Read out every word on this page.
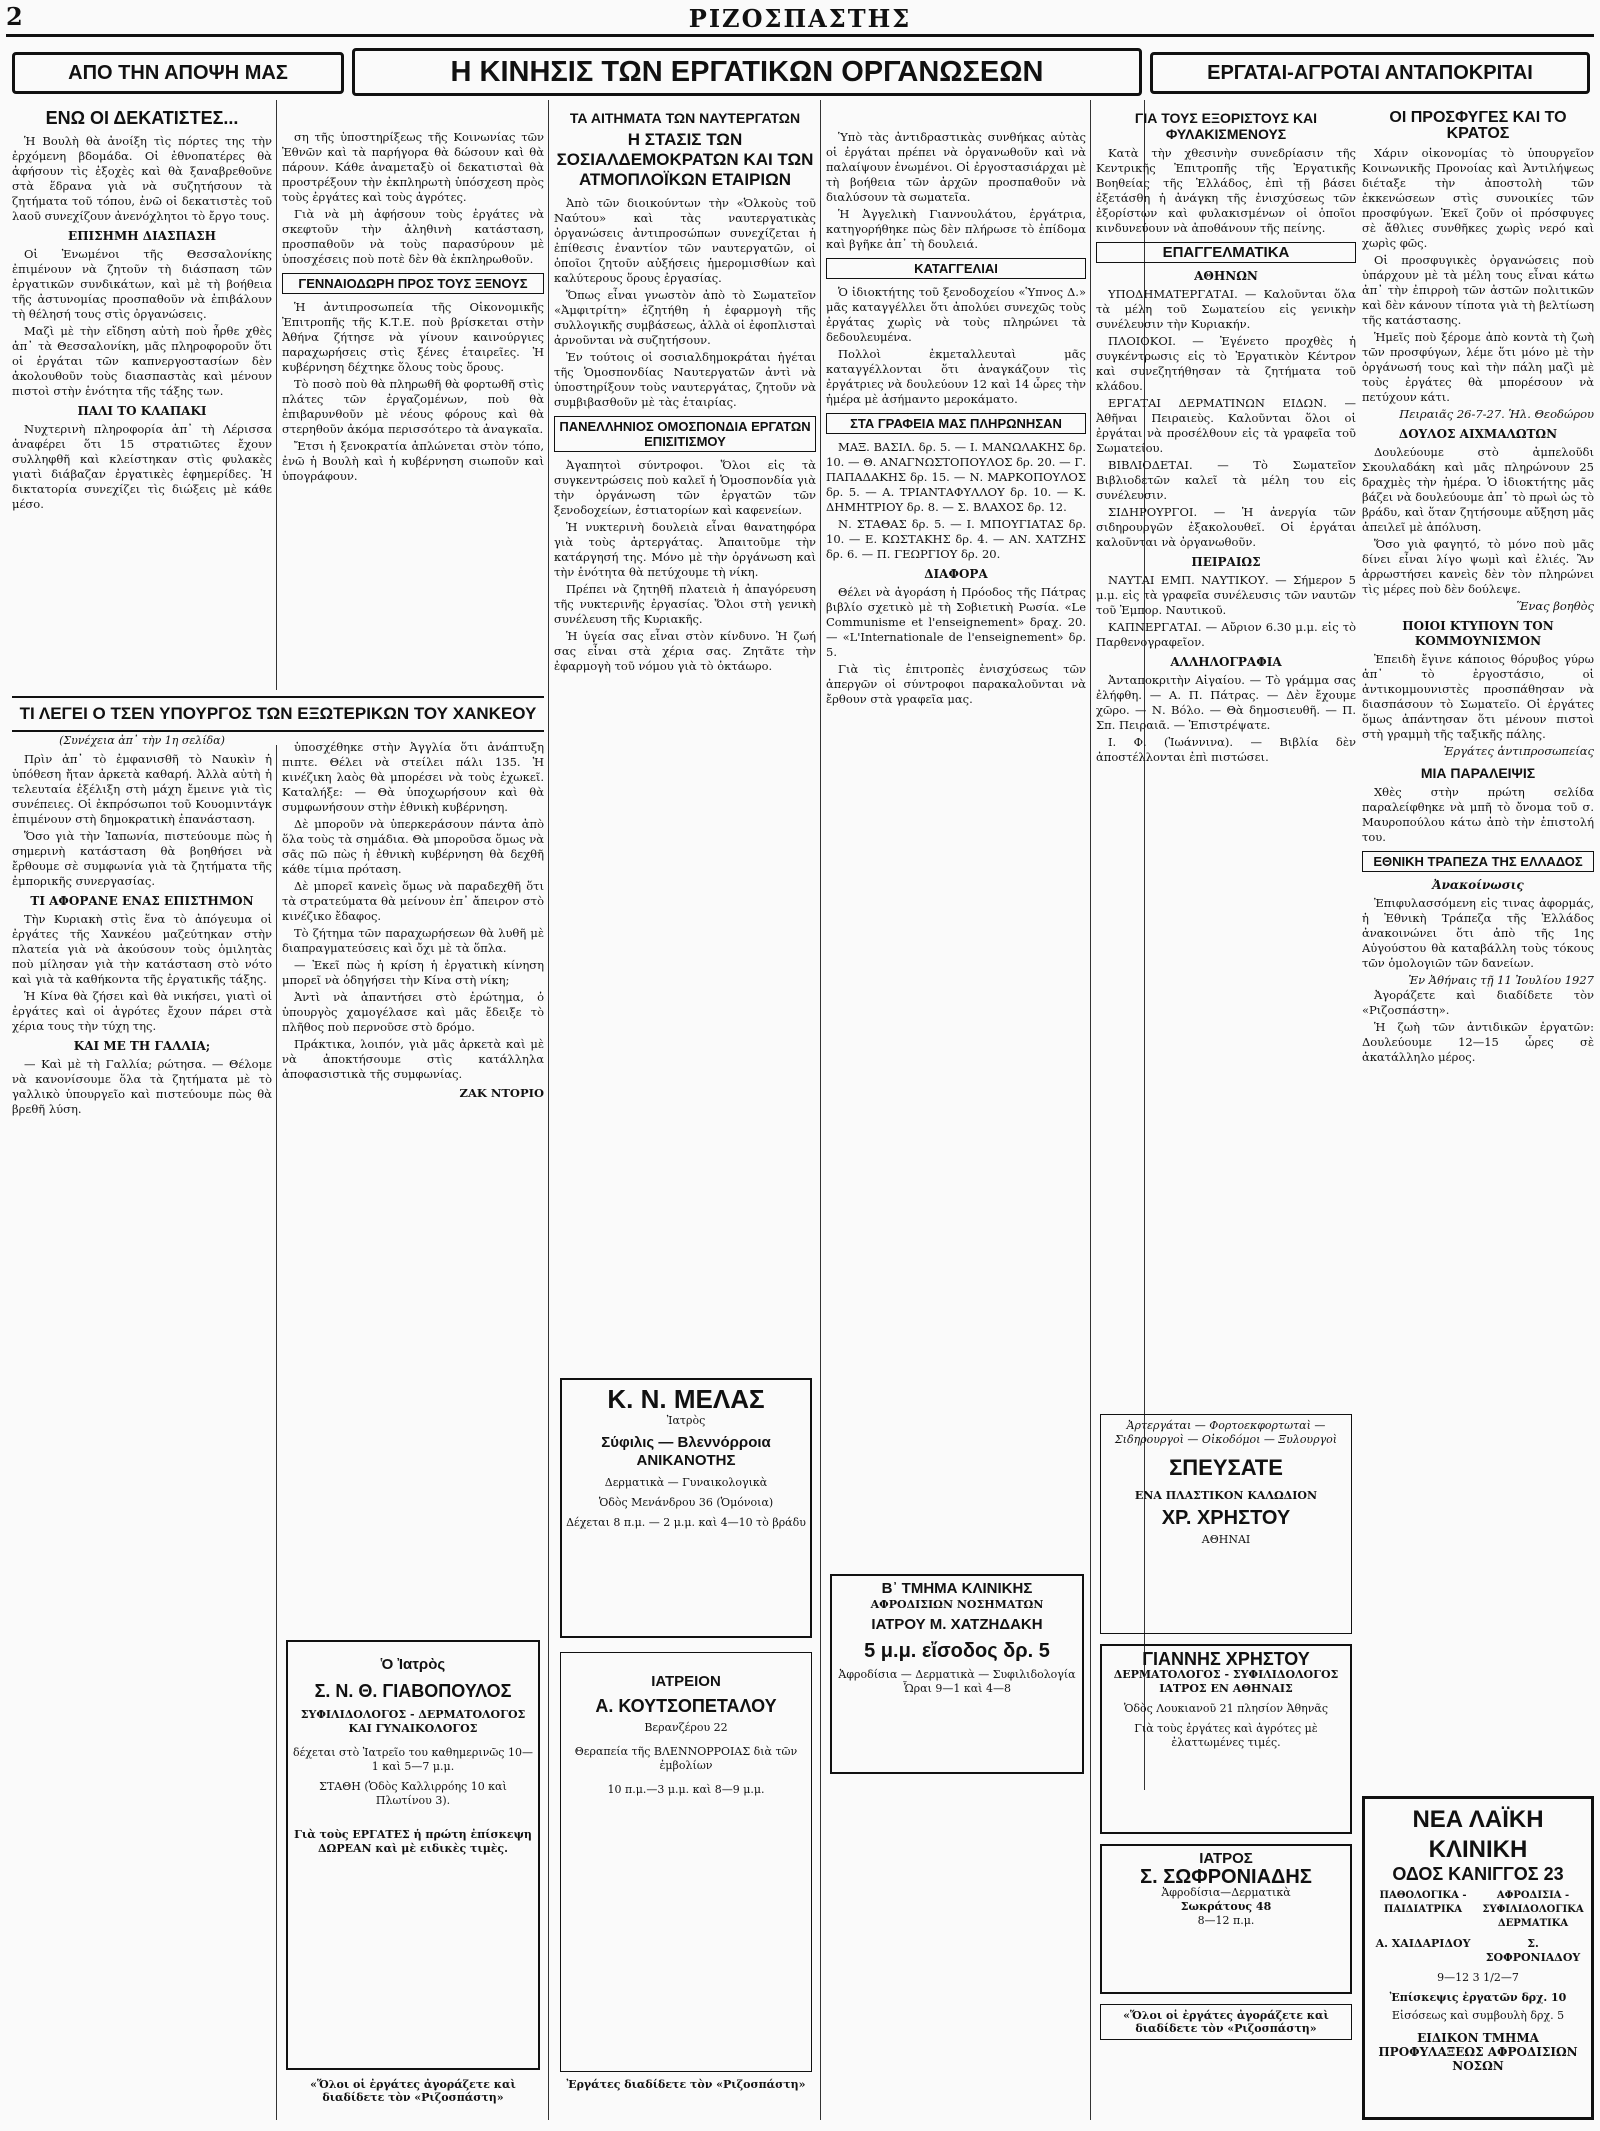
2	ΡΙΖΟΣΠΑΣΤΗΣ
ΑΠΟ ΤΗΝ ΑΠΟΨΗ ΜΑΣ	Η ΚΙΝΗΣΙΣ ΤΩΝ ΕΡΓΑΤΙΚΩΝ ΟΡΓΑΝΩΣΕΩΝ	ΕΡΓΑΤΑΙ-ΑΓΡΟΤΑΙ ΑΝΤΑΠΟΚΡΙΤΑΙ
ΕΝΩ ΟΙ ΔΕΚΑΤΙΣΤΕΣ...

Ἡ Βουλὴ θὰ ἀνοίξη τὶς πόρτες της τὴν ἐρχόμενη βδομάδα. Οἱ ἐθνοπατέρες θὰ ἀφήσουν τὶς ἐξοχὲς καὶ θὰ ξαναβρεθοῦνε στὰ ἕδρανα γιὰ νὰ συζητήσουν τὰ ζητήματα τοῦ τόπου, ἐνῶ οἱ δεκατιστὲς τοῦ λαοῦ συνεχίζουν ἀνενόχλητοι τὸ ἔργο τους.

ΕΠΙΣΗΜΗ ΔΙΑΣΠΑΣΗ

Οἱ Ἑνωμένοι τῆς Θεσσαλονίκης ἐπιμένουν νὰ ζητοῦν τὴ διάσπαση τῶν ἐργατικῶν συνδικάτων, καὶ μὲ τὴ βοήθεια τῆς ἀστυνομίας προσπαθοῦν νὰ ἐπιβάλουν τὴ θέλησή τους στὶς ὀργανώσεις.

Μαζὶ μὲ τὴν εἴδηση αὐτὴ ποὺ ἦρθε χθὲς ἀπ᾽ τὰ Θεσσαλονίκη, μᾶς πληροφοροῦν ὅτι οἱ ἐργάται τῶν καπνεργοστασίων δὲν ἀκολουθοῦν τοὺς διασπαστὰς καὶ μένουν πιστοὶ στὴν ἑνότητα τῆς τάξης των.

ΠΑΛΙ ΤΟ ΚΛΑΠΑΚΙ

Νυχτερινὴ πληροφορία ἀπ᾽ τὴ Λέρισσα ἀναφέρει ὅτι 15 στρατιῶτες ἔχουν συλληφθῆ καὶ κλείστηκαν στὶς φυλακὲς γιατὶ διάβαζαν ἐργατικὲς ἐφημερίδες. Ἡ δικτατορία συνεχίζει τὶς διώξεις μὲ κάθε μέσο.

ση τῆς ὑποστηρίξεως τῆς Κοινωνίας τῶν Ἐθνῶν καὶ τὰ παρήγορα θὰ δώσουν καὶ θὰ πάρουν. Κάθε ἀναμεταξὺ οἱ δεκατισταὶ θὰ προστρέξουν τὴν ἐκπληρωτὴ ὑπόσχεση πρὸς τοὺς ἐργάτες καὶ τοὺς ἀγρότες.

Γιὰ νὰ μὴ ἀφήσουν τοὺς ἐργάτες νὰ σκεφτοῦν τὴν ἀληθινὴ κατάσταση, προσπαθοῦν νὰ τοὺς παρασύρουν μὲ ὑποσχέσεις ποὺ ποτὲ δὲν θὰ ἐκπληρωθοῦν.

ΓΕΝΝΑΙΟΔΩΡΗ ΠΡΟΣ ΤΟΥΣ ΞΕΝΟΥΣ

Ἡ ἀντιπροσωπεία τῆς Οἰκονομικῆς Ἐπιτροπῆς τῆς Κ.Τ.Ε. ποὺ βρίσκεται στὴν Ἀθήνα ζήτησε νὰ γίνουν καινούργιες παραχωρήσεις στὶς ξένες ἑταιρεῖες. Ἡ κυβέρνηση δέχτηκε ὅλους τοὺς ὅρους.

Τὸ ποσὸ ποὺ θὰ πληρωθῆ θὰ φορτωθῆ στὶς πλάτες τῶν ἐργαζομένων, ποὺ θὰ ἐπιβαρυνθοῦν μὲ νέους φόρους καὶ θὰ στερηθοῦν ἀκόμα περισσότερο τὰ ἀναγκαῖα.

Ἔτσι ἡ ξενοκρατία ἁπλώνεται στὸν τόπο, ἐνῶ ἡ Βουλὴ καὶ ἡ κυβέρνηση σιωποῦν καὶ ὑπογράφουν.

ΤΙ ΛΕΓΕΙ Ο ΤΣΕΝ ΥΠΟΥΡΓΟΣ ΤΩΝ ΕΞΩΤΕΡΙΚΩΝ ΤΟΥ ΧΑΝΚΕΟΥ
(Συνέχεια ἀπ᾽ τὴν 1η σελίδα)

Πρὶν ἀπ᾽ τὸ ἐμφανισθῆ τὸ Ναυκὶν ἡ ὑπόθεση ἤταν ἀρκετὰ καθαρή. Ἀλλὰ αὐτὴ ἡ τελευταία ἐξέλιξη στὴ μάχη ἔμεινε γιὰ τὶς συνέπειες. Οἱ ἐκπρόσωποι τοῦ Κουομιντάγκ ἐπιμένουν στὴ δημοκρατικὴ ἐπανάσταση.

Ὅσο γιὰ τὴν Ἰαπωνία, πιστεύουμε πὼς ἡ σημερινὴ κατάσταση θὰ βοηθήσει νὰ ἔρθουμε σὲ συμφωνία γιὰ τὰ ζητήματα τῆς ἐμπορικῆς συνεργασίας.

ΤΙ ΑΦΟΡΑΝΕ ΕΝΑΣ ΕΠΙΣΤΗΜΟΝ

Τὴν Κυριακὴ στὶς ἕνα τὸ ἀπόγευμα οἱ ἐργάτες τῆς Χανκέου μαζεύτηκαν στὴν πλατεία γιὰ νὰ ἀκούσουν τοὺς ὁμιλητὰς ποὺ μίλησαν γιὰ τὴν κατάσταση στὸ νότο καὶ γιὰ τὰ καθήκοντα τῆς ἐργατικῆς τάξης.

Ἡ Κίνα θὰ ζήσει καὶ θὰ νικήσει, γιατὶ οἱ ἐργάτες καὶ οἱ ἀγρότες ἔχουν πάρει στὰ χέρια τους τὴν τύχη της.

ΚΑΙ ΜΕ ΤΗ ΓΑΛΛΙΑ;

— Καὶ μὲ τὴ Γαλλία; ρώτησα. — Θέλομε νὰ κανονίσουμε ὅλα τὰ ζητήματα μὲ τὸ γαλλικὸ ὑπουργεῖο καὶ πιστεύουμε πὼς θὰ βρεθῆ λύση.

ὑποσχέθηκε στὴν Ἀγγλία ὅτι ἀνάπτυξη πιπτε. Θέλει νὰ στείλει πάλι 135. Ἡ κινέζικη λαὸς θὰ μπορέσει νὰ τοὺς ἐχωκεῖ. Καταλήξε: — Θὰ ὑποχωρήσουν καὶ θὰ συμφωνήσουν στὴν ἐθνικὴ κυβέρνηση.

Δὲ μποροῦν νὰ ὑπερκεράσουν πάντα ἀπὸ ὅλα τοὺς τὰ σημάδια. Θὰ μποροῦσα ὅμως νὰ σᾶς πῶ πὼς ἡ ἐθνικὴ κυβέρνηση θὰ δεχθῆ κάθε τίμια πρόταση.

Δὲ μπορεῖ κανεὶς ὅμως νὰ παραδεχθῆ ὅτι τὰ στρατεύματα θὰ μείνουν ἐπ᾽ ἄπειρον στὸ κινέζικο ἔδαφος.

Τὸ ζήτημα τῶν παραχωρήσεων θὰ λυθῆ μὲ διαπραγματεύσεις καὶ ὄχι μὲ τὰ ὅπλα.

— Ἐκεῖ πὼς ἡ κρίση ἡ ἐργατικὴ κίνηση μπορεῖ νὰ ὁδηγήσει τὴν Κίνα στὴ νίκη;

Ἀντὶ νὰ ἀπαντήσει στὸ ἐρώτημα, ὁ ὑπουργὸς χαμογέλασε καὶ μᾶς ἔδειξε τὸ πλῆθος ποὺ περνοῦσε στὸ δρόμο.

Πράκτικα, λοιπόν, γιὰ μᾶς ἀρκετὰ καὶ μὲ νὰ ἀποκτήσουμε στὶς κατάλληλα ἀποφασιστικὰ τῆς συμφωνίας.

ΖΑΚ ΝΤΟΡΙΟ
Ὁ Ἰατρὸς
Σ. Ν. Θ. ΓΙΑΒΟΠΟΥΛΟΣ
ΣΥΦΙΛΙΔΟΛΟΓΟΣ - ΔΕΡΜΑΤΟΛΟΓΟΣ ΚΑΙ ΓΥΝΑΙΚΟΛΟΓΟΣ
δέχεται στὸ Ἰατρεῖο του καθημερινῶς 10—1 καὶ 5—7 μ.μ.
ΣΤΑΘΗ (Ὁδὸς Καλλιρρόης 10 καὶ Πλωτίνου 3).
Γιὰ τοὺς ΕΡΓΑΤΕΣ ἡ πρώτη ἐπίσκεψη ΔΩΡΕΑΝ καὶ μὲ ειδικὲς τιμὲς.
«Ὅλοι οἱ ἐργάτες ἀγοράζετε καὶ διαδίδετε τὸν «Ριζοσπάστη»
ΤΑ ΑΙΤΗΜΑΤΑ ΤΩΝ ΝΑΥΤΕΡΓΑΤΩΝ
Η ΣΤΑΣΙΣ ΤΩΝ ΣΟΣΙΑΛΔΕΜΟΚΡΑΤΩΝ ΚΑΙ ΤΩΝ ΑΤΜΟΠΛΟΪΚΩΝ ΕΤΑΙΡΙΩΝ

Ἀπὸ τῶν διοικούντων τὴν «Ὀλκοὺς τοῦ Ναύτου» καὶ τὰς ναυτεργατικὰς ὀργανώσεις ἀντιπροσώπων συνεχίζεται ἡ ἐπίθεσις ἐναντίον τῶν ναυτεργατῶν, οἱ ὁποῖοι ζητοῦν αὐξήσεις ἡμερομισθίων καὶ καλύτερους ὅρους ἐργασίας.

Ὅπως εἶναι γνωστὸν ἀπὸ τὸ Σωματεῖον «Ἀμφιτρίτη» ἐζητήθη ἡ ἐφαρμογὴ τῆς συλλογικῆς συμβάσεως, ἀλλὰ οἱ ἐφοπλισταὶ ἀρνοῦνται νὰ συζητήσουν.

Ἐν τούτοις οἱ σοσιαλδημοκράται ἡγέται τῆς Ὁμοσπονδίας Ναυτεργατῶν ἀντὶ νὰ ὑποστηρίξουν τοὺς ναυτεργάτας, ζητοῦν νὰ συμβιβασθοῦν μὲ τὰς ἑταιρίας.

ΠΑΝΕΛΛΗΝΙΟΣ ΟΜΟΣΠΟΝΔΙΑ ΕΡΓΑΤΩΝ ΕΠΙΣΙΤΙΣΜΟΥ

Ἀγαπητοὶ σύντροφοι. Ὅλοι εἰς τὰ συγκεντρώσεις ποὺ καλεῖ ἡ Ὁμοσπονδία γιὰ τὴν ὀργάνωση τῶν ἐργατῶν τῶν ξενοδοχείων, ἑστιατορίων καὶ καφενείων.

Ἡ νυκτερινὴ δουλειὰ εἶναι θανατηφόρα γιὰ τοὺς ἀρτεργάτας. Ἀπαιτοῦμε τὴν κατάργησή της. Μόνο μὲ τὴν ὀργάνωση καὶ τὴν ἑνότητα θὰ πετύχουμε τὴ νίκη.

Πρέπει νὰ ζητηθῆ πλατειὰ ἡ ἀπαγόρευση τῆς νυκτερινῆς ἐργασίας. Ὅλοι στὴ γενικὴ συνέλευση τῆς Κυριακῆς.

Ἡ ὑγεία σας εἶναι στὸν κίνδυνο. Ἡ ζωή σας εἶναι στὰ χέρια σας. Ζητᾶτε τὴν ἐφαρμογὴ τοῦ νόμου γιὰ τὸ ὀκτάωρο.

Κ. Ν. ΜΕΛΑΣ
Ἰατρὸς
Σύφιλις — Βλεννόρροια ΑΝΙΚΑΝΟΤΗΣ
Δερματικὰ — Γυναικολογικὰ
Ὁδὸς Μενάνδρου 36 (Ὁμόνοια)
Δέχεται 8 π.μ. — 2 μ.μ. καὶ 4—10 τὸ βράδυ
ΙΑΤΡΕΙΟΝ
Α. ΚΟΥΤΣΟΠΕΤΑΛΟΥ
Βερανζέρου 22
Θεραπεία τῆς ΒΛΕΝΝΟΡΡΟΙΑΣ διὰ τῶν ἐμβολίων
10 π.μ.—3 μ.μ. καὶ 8—9 μ.μ.
Ἐργάτες διαδίδετε τὸν «Ριζοσπάστη»

Ὑπὸ τὰς ἀντιδραστικὰς συνθήκας αὐτὰς οἱ ἐργάται πρέπει νὰ ὀργανωθοῦν καὶ νὰ παλαίψουν ἑνωμένοι. Οἱ ἐργοστασιάρχαι μὲ τὴ βοήθεια τῶν ἀρχῶν προσπαθοῦν νὰ διαλύσουν τὰ σωματεῖα.

Ἡ Ἀγγελικὴ Γιαννουλάτου, ἐργάτρια, κατηγορήθηκε πὼς δὲν πλήρωσε τὸ ἐπίδομα καὶ βγῆκε ἀπ᾽ τὴ δουλειά.

ΚΑΤΑΓΓΕΛΙΑΙ

Ὁ ἰδιοκτήτης τοῦ ξενοδοχείου «Ὑπνος Δ.» μᾶς καταγγέλλει ὅτι ἀπολύει συνεχῶς τοὺς ἐργάτας χωρὶς νὰ τοὺς πληρώνει τὰ δεδουλευμένα.

Πολλοὶ ἐκμεταλλευταὶ μᾶς καταγγέλλονται ὅτι ἀναγκάζουν τὶς ἐργάτριες νὰ δουλεύουν 12 καὶ 14 ὧρες τὴν ἡμέρα μὲ ἀσήμαντο μεροκάματο.

ΣΤΑ ΓΡΑΦΕΙΑ ΜΑΣ ΠΛΗΡΩΝΗΣΑΝ

ΜΑΞ. ΒΑΣΙΛ. δρ. 5. — Ι. ΜΑΝΩΛΑΚΗΣ δρ. 10. — Θ. ΑΝΑΓΝΩΣΤΟΠΟΥΛΟΣ δρ. 20. — Γ. ΠΑΠΑΔΑΚΗΣ δρ. 15. — Ν. ΜΑΡΚΟΠΟΥΛΟΣ δρ. 5. — Α. ΤΡΙΑΝΤΑΦΥΛΛΟΥ δρ. 10. — Κ. ΔΗΜΗΤΡΙΟΥ δρ. 8. — Σ. ΒΛΑΧΟΣ δρ. 12.

Ν. ΣΤΑΘΑΣ δρ. 5. — Ι. ΜΠΟΥΓΙΑΤΑΣ δρ. 10. — Ε. ΚΩΣΤΑΚΗΣ δρ. 4. — ΑΝ. ΧΑΤΖΗΣ δρ. 6. — Π. ΓΕΩΡΓΙΟΥ δρ. 20.

ΔΙΑΦΟΡΑ

Θέλει νὰ ἀγοράση ἡ Πρόοδος τῆς Πάτρας βιβλίο σχετικὸ μὲ τὴ Σοβιετικὴ Ρωσία. «Le Communisme et l'enseignement» δραχ. 20. — «L'Internationale de l'enseignement» δρ. 5.

Γιὰ τὶς ἐπιτροπὲς ἐνισχύσεως τῶν ἀπεργῶν οἱ σύντροφοι παρακαλοῦνται νὰ ἔρθουν στὰ γραφεῖα μας.

Β᾽ ΤΜΗΜΑ ΚΛΙΝΙΚΗΣ
ΑΦΡΟΔΙΣΙΩΝ ΝΟΣΗΜΑΤΩΝ
ΙΑΤΡΟΥ Μ. ΧΑΤΖΗΔΑΚΗ
5 μ.μ. εἴσοδος δρ. 5
Ἀφροδίσια — Δερματικὰ — Συφιλιδολογία
Ὧραι 9—1 καὶ 4—8
ΓΙΑ ΤΟΥΣ ΕΞΟΡΙΣΤΟΥΣ ΚΑΙ ΦΥΛΑΚΙΣΜΕΝΟΥΣ

Κατὰ τὴν χθεσινὴν συνεδρίασιν τῆς Κεντρικῆς Ἐπιτροπῆς τῆς Ἐργατικῆς Βοηθείας τῆς Ἑλλάδος, ἐπὶ τῇ βάσει ἐξετάσθη ἡ ἀνάγκη τῆς ἐνισχύσεως τῶν ἐξορίστων καὶ φυλακισμένων οἱ ὁποῖοι κινδυνεύουν νὰ ἀποθάνουν τῆς πείνης.

ΕΠΑΓΓΕΛΜΑΤΙΚΑ
ΑΘΗΝΩΝ

ΥΠΟΔΗΜΑΤΕΡΓΑΤΑΙ. — Καλοῦνται ὅλα τὰ μέλη τοῦ Σωματείου εἰς γενικὴν συνέλευσιν τὴν Κυριακήν.

ΠΛΟΙΟΚΟΙ. — Ἐγένετο προχθὲς ἡ συγκέντρωσις εἰς τὸ Ἐργατικὸν Κέντρον καὶ συνεζητήθησαν τὰ ζητήματα τοῦ κλάδου.

ΕΡΓΑΤΑΙ ΔΕΡΜΑΤΙΝΩΝ ΕΙΔΩΝ. — Ἀθῆναι Πειραιεὺς. Καλοῦνται ὅλοι οἱ ἐργάται νὰ προσέλθουν εἰς τὰ γραφεῖα τοῦ Σωματείου.

ΒΙΒΛΙΟΔΕΤΑΙ. — Τὸ Σωματεῖον Βιβλιοδετῶν καλεῖ τὰ μέλη του εἰς συνέλευσιν.

ΣΙΔΗΡΟΥΡΓΟΙ. — Ἡ ἀνεργία τῶν σιδηρουργῶν ἐξακολουθεῖ. Οἱ ἐργάται καλοῦνται νὰ ὀργανωθοῦν.

ΠΕΙΡΑΙΩΣ

ΝΑΥΤΑΙ ΕΜΠ. ΝΑΥΤΙΚΟΥ. — Σήμερον 5 μ.μ. εἰς τὰ γραφεῖα συνέλευσις τῶν ναυτῶν τοῦ Ἐμπορ. Ναυτικοῦ.

ΚΑΠΝΕΡΓΑΤΑΙ. — Αὔριον 6.30 μ.μ. εἰς τὸ Παρθενογραφεῖον.

ΑΛΛΗΛΟΓΡΑΦΙΑ

Ἀνταποκριτὴν Αἰγαίου. — Τὸ γράμμα σας ἐλήφθη. — Α. Π. Πάτρας. — Δὲν ἔχουμε χῶρο. — Ν. Βόλο. — Θὰ δημοσιευθῆ. — Π. Σπ. Πειραιᾶ. — Ἐπιστρέψατε.

Ι. Φ. (Ἰωάννινα). — Βιβλία δὲν ἀποστέλλονται ἐπὶ πιστώσει.

Ἀρτεργάται — Φορτοεκφορτωταὶ — Σιδηρουργοὶ — Οἰκοδόμοι — Ξυλουργοὶ
ΣΠΕΥΣΑΤΕ
ΕΝΑ ΠΛΑΣΤΙΚΟΝ ΚΑΛΩΔΙΟΝ
ΧΡ. ΧΡΗΣΤΟΥ
ΑΘΗΝΑΙ
ΓΙΑΝΝΗΣ ΧΡΗΣΤΟΥ
ΔΕΡΜΑΤΟΛΟΓΟΣ - ΣΥΦΙΛΙΔΟΛΟΓΟΣ
ΙΑΤΡΟΣ ΕΝ ΑΘΗΝΑΙΣ
Ὁδὸς Λουκιανοῦ 21 πλησίον Ἀθηνᾶς
Γιὰ τοὺς ἐργάτες καὶ ἀγρότες μὲ ἐλαττωμένες τιμές.
ΙΑΤΡΟΣ
Σ. ΣΩΦΡΟΝΙΑΔΗΣ
Ἀφροδίσια—Δερματικὰ
Σωκράτους 48
8—12 π.μ.
«Ὅλοι οἱ ἐργάτες ἀγοράζετε καὶ διαδίδετε τὸν «Ριζοσπάστη»
ΟΙ ΠΡΟΣΦΥΓΕΣ ΚΑΙ ΤΟ ΚΡΑΤΟΣ

Χάριν οἰκονομίας τὸ ὑπουργεῖον Κοινωνικῆς Προνοίας καὶ Ἀντιλήψεως διέταξε τὴν ἀποστολὴ τῶν ἐκκενώσεων στὶς συνοικίες τῶν προσφύγων. Ἐκεῖ ζοῦν οἱ πρόσφυγες σὲ ἄθλιες συνθῆκες χωρὶς νερό καὶ χωρὶς φῶς.

Οἱ προσφυγικὲς ὀργανώσεις ποὺ ὑπάρχουν μὲ τὰ μέλη τους εἶναι κάτω ἀπ᾽ τὴν ἐπιρροὴ τῶν ἀστῶν πολιτικῶν καὶ δὲν κάνουν τίποτα γιὰ τὴ βελτίωση τῆς κατάστασης.

Ἡμεῖς ποὺ ξέρομε ἀπὸ κοντὰ τὴ ζωὴ τῶν προσφύγων, λέμε ὅτι μόνο μὲ τὴν ὀργάνωσή τους καὶ τὴν πάλη μαζὶ μὲ τοὺς ἐργάτες θὰ μπορέσουν νὰ πετύχουν κάτι.

Πειραιᾶς 26-7-27. Ἡλ. Θεοδώρου
ΔΟΥΛΟΣ ΑΙΧΜΑΛΩΤΩΝ

Δουλεύουμε στὸ ἀμπελοῦδι Σκουλαδάκη καὶ μᾶς πληρώνουν 25 δραχμὲς τὴν ἡμέρα. Ὁ ἰδιοκτήτης μᾶς βάζει νὰ δουλεύουμε ἀπ᾽ τὸ πρωὶ ὡς τὸ βράδυ, καὶ ὅταν ζητήσουμε αὔξηση μᾶς ἀπειλεῖ μὲ ἀπόλυση.

Ὅσο γιὰ φαγητό, τὸ μόνο ποὺ μᾶς δίνει εἶναι λίγο ψωμὶ καὶ ἐλιές. Ἂν ἀρρωστήσει κανεὶς δὲν τὸν πληρώνει τὶς μέρες ποὺ δὲν δούλεψε.

Ἕνας βοηθὸς
ΠΟΙΟΙ ΚΤΥΠΟΥΝ ΤΟΝ ΚΟΜΜΟΥΝΙΣΜΟΝ

Ἐπειδὴ ἔγινε κάποιος θόρυβος γύρω ἀπ᾽ τὸ ἐργοστάσιο, οἱ ἀντικομμουνιστὲς προσπάθησαν νὰ διασπάσουν τὸ Σωματεῖο. Οἱ ἐργάτες ὅμως ἀπάντησαν ὅτι μένουν πιστοὶ στὴ γραμμὴ τῆς ταξικῆς πάλης.

Ἐργάτες ἀντιπροσωπείας
ΜΙΑ ΠΑΡΑΛΕΙΨΙΣ

Χθὲς στὴν πρώτη σελίδα παραλείφθηκε νὰ μπῆ τὸ ὄνομα τοῦ σ. Μαυροπούλου κάτω ἀπὸ τὴν ἐπιστολή του.

ΕΘΝΙΚΗ ΤΡΑΠΕΖΑ ΤΗΣ ΕΛΛΑΔΟΣ
Ἀνακοίνωσις

Ἐπιφυλασσόμενη εἰς τινας ἀφορμάς, ἡ Ἐθνικὴ Τράπεζα τῆς Ἑλλάδος ἀνακοινώνει ὅτι ἀπὸ τῆς 1ης Αὐγούστου θὰ καταβάλλη τοὺς τόκους τῶν ὁμολογιῶν τῶν δανείων.

Ἐν Ἀθήναις τῇ 11 Ἰουλίου 1927

Ἀγοράζετε καὶ διαδίδετε τὸν «Ριζοσπάστη».

Ἡ ζωὴ τῶν ἀντιδικῶν ἐργατῶν: Δουλεύουμε 12—15 ὧρες σὲ ἀκατάλληλο μέρος.

ΝΕΑ ΛΑΪΚΗ ΚΛΙΝΙΚΗ
ΟΔΟΣ ΚΑΝΙΓΓΟΣ 23
ΠΑΘΟΛΟΓΙΚΑ - ΠΑΙΔΙΑΤΡΙΚΑ
ΑΦΡΟΔΙΣΙΑ - ΣΥΦΙΛΙΔΟΛΟΓΙΚΑ ΔΕΡΜΑΤΙΚΑ
Α. ΧΑΙΔΑΡΙΔΟΥ	Σ. ΣΟΦΡΟΝΙΑΔΟΥ
9—12 3 1/2—7
Ἐπίσκεψις ἐργατῶν δρχ. 10
Εἰσόσεως καὶ συμβουλὴ δρχ. 5
ΕΙΔΙΚΟΝ ΤΜΗΜΑ ΠΡΟΦΥΛΑΞΕΩΣ ΑΦΡΟΔΙΣΙΩΝ ΝΟΣΩΝ
